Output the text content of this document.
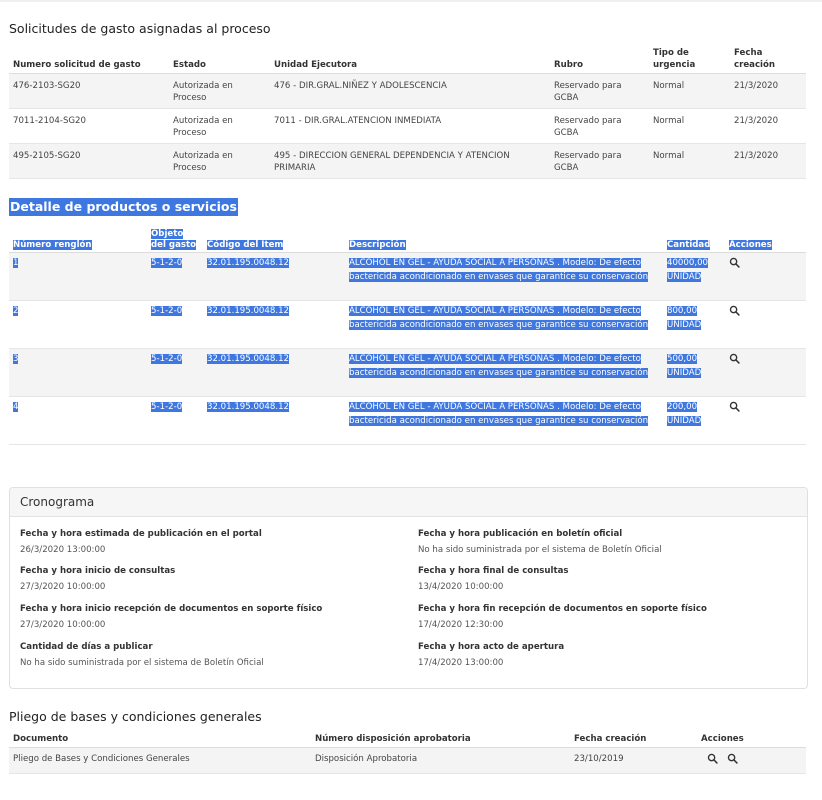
Solicitudes de gasto asignadas al proceso
Numero solicitud de gasto	Estado	Unidad Ejecutora	Rubro	Tipo de urgencia	Fecha creación
476-2103-SG20	Autorizada en Proceso	476 - DIR.GRAL.NIÑEZ Y ADOLESCENCIA	Reservado para GCBA	Normal	21/3/2020
7011-2104-SG20	Autorizada en Proceso	7011 - DIR.GRAL.ATENCION INMEDIATA	Reservado para GCBA	Normal	21/3/2020
495-2105-SG20	Autorizada en Proceso	495 - DIRECCION GENERAL DEPENDENCIA Y ATENCION PRIMARIA	Reservado para GCBA	Normal	21/3/2020
Detalle de productos o servicios
Número renglón	Objeto del gasto	Código del Item	Descripción	Cantidad	Acciones
1	5-1-2-0	32.01.195.0048.12	ALCOHOL EN GEL - AYUDA SOCIAL A PERSONAS . Modelo: De efecto bactericida acondicionado en envases que garantice su conservación	40000,00 UNIDAD	
2	5-1-2-0	32.01.195.0048.12	ALCOHOL EN GEL - AYUDA SOCIAL A PERSONAS . Modelo: De efecto bactericida acondicionado en envases que garantice su conservación	800,00 UNIDAD	
3	5-1-2-0	32.01.195.0048.12	ALCOHOL EN GEL - AYUDA SOCIAL A PERSONAS . Modelo: De efecto bactericida acondicionado en envases que garantice su conservación	500,00 UNIDAD	
4	5-1-2-0	32.01.195.0048.12	ALCOHOL EN GEL - AYUDA SOCIAL A PERSONAS . Modelo: De efecto bactericida acondicionado en envases que garantice su conservación	200,00 UNIDAD	
Cronograma
Fecha y hora estimada de publicación en el portal
26/3/2020 13:00:00
Fecha y hora publicación en boletín oficial
No ha sido suministrada por el sistema de Boletín Oficial
Fecha y hora inicio de consultas
27/3/2020 10:00:00
Fecha y hora final de consultas
13/4/2020 10:00:00
Fecha y hora inicio recepción de documentos en soporte físico
27/3/2020 10:00:00
Fecha y hora fin recepción de documentos en soporte físico
17/4/2020 12:30:00
Cantidad de días a publicar
No ha sido suministrada por el sistema de Boletín Oficial
Fecha y hora acto de apertura
17/4/2020 13:00:00
Pliego de bases y condiciones generales
Documento	Número disposición aprobatoria	Fecha creación	Acciones
Pliego de Bases y Condiciones Generales	Disposición Aprobatoria	23/10/2019	
